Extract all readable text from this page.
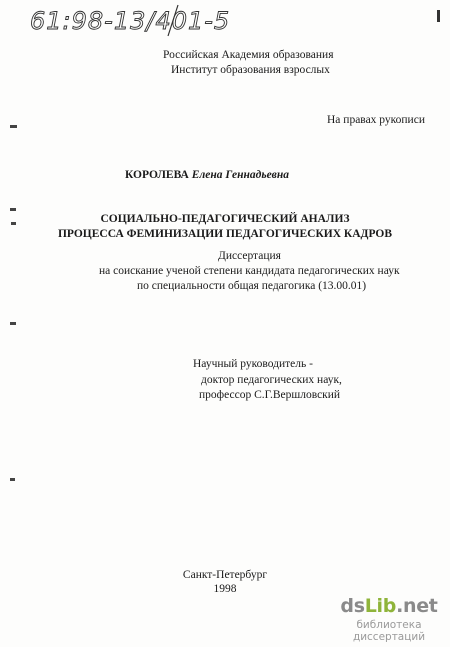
61:98-13/401-5
Российская Академия образования
Институт образования взрослых
На правах рукописи
КОРОЛЕВА Елена Геннадьевна
СОЦИАЛЬНО-ПЕДАГОГИЧЕСКИЙ АНАЛИЗ
ПРОЦЕССА ФЕМИНИЗАЦИИ ПЕДАГОГИЧЕСКИХ КАДРОВ
Диссертация
на соискание ученой степени кандидата педагогических наук
по специальности общая педагогика (13.00.01)
Научный руководитель -
доктор педагогических наук,
профессор С.Г.Вершловский
Санкт-Петербург
1998
dsLib.net
библиотека диссертаций
